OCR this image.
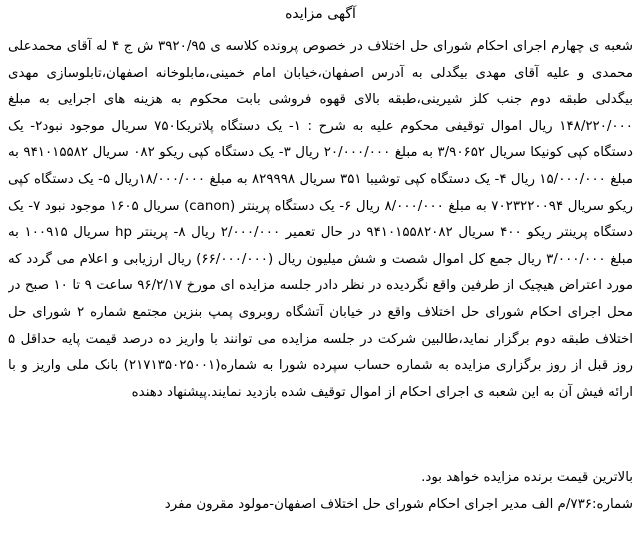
آگهی مزایده

شعبه ی چهارم اجرای احکام شورای حل اختلاف در خصوص پرونده کلاسه ی ۳۹۲۰/۹۵ ش ج ۴ له آقای محمدعلی محمدی و علیه آقای مهدی بیگدلی به آدرس اصفهان،خیابان امام خمینی،مابلوخانه اصفهان،تابلوسازی مهدی بیگدلی طبقه دوم جنب کلز شیرینی،طبقه بالای قهوه فروشی بابت محکوم به هزینه های اجرایی به مبلغ ۱۴۸/۲۲۰/۰۰۰ ریال اموال توقیفی محکوم علیه به شرح : ۱- یک دستگاه پلاتریکا۷۵۰ سریال موجود نبود۲- یک دستگاه کپی کونیکا سریال ۳/۹۰۶۵۲ به مبلغ ۲۰/۰۰۰/۰۰۰ ریال ۳- یک دستگاه کپی ریکو ۰۸۲ سریال ۹۴۱۰۱۵۵۸۲ به مبلغ ۱۵/۰۰۰/۰۰۰ ریال ۴- یک دستگاه کپی توشیبا ۳۵۱ سریال ۸۲۹۹۹۸ به مبلغ ۱۸/۰۰۰/۰۰۰ریال ۵- یک دستگاه کپی ریکو سریال ۷۰۲۳۲۲۰۰۹۴ به مبلغ ۸/۰۰۰/۰۰۰ ریال ۶- یک دستگاه پرینتر (canon) سریال ۱۶۰۵ موجود نبود ۷- یک دستگاه پرینتر ریکو ۴۰۰ سریال ۹۴۱۰۱۵۵۸۲۰۸۲ در حال تعمیر ۲/۰۰۰/۰۰۰ ریال ۸- پرینتر hp سریال ۱۰۰۹۱۵ به مبلغ ۳/۰۰۰/۰۰۰ ریال جمع کل اموال شصت و شش میلیون ریال (۶۶/۰۰۰/۰۰۰) ریال ارزیابی و اعلام می گردد که مورد اعتراض هیچیک از طرفین واقع نگردیده در نظر دادر جلسه مزایده ای مورخ ۹۶/۲/۱۷ ساعت ۹ تا ۱۰ صبح در محل اجرای احکام شورای حل اختلاف واقع در خیابان آتشگاه روبروی پمپ بنزین مجتمع شماره ۲ شورای حل اختلاف طبقه دوم برگزار نماید،طالبین شرکت در جلسه مزایده می توانند با واریز ده درصد قیمت پایه حداقل ۵ روز قبل از روز برگزاری مزایده به شماره حساب سپرده شورا به شماره(۲۱۷۱۳۵۰۲۵۰۰۱) بانک ملی واریز و با ارائه فیش آن به این شعبه ی اجرای احکام از اموال توقیف شده بازدید نمایند.پیشنهاد دهنده

بالاترین قیمت برنده مزایده خواهد بود.

شماره:۷۳۶/م الف مدیر اجرای احکام شورای حل اختلاف اصفهان-مولود مقرون مفرد
